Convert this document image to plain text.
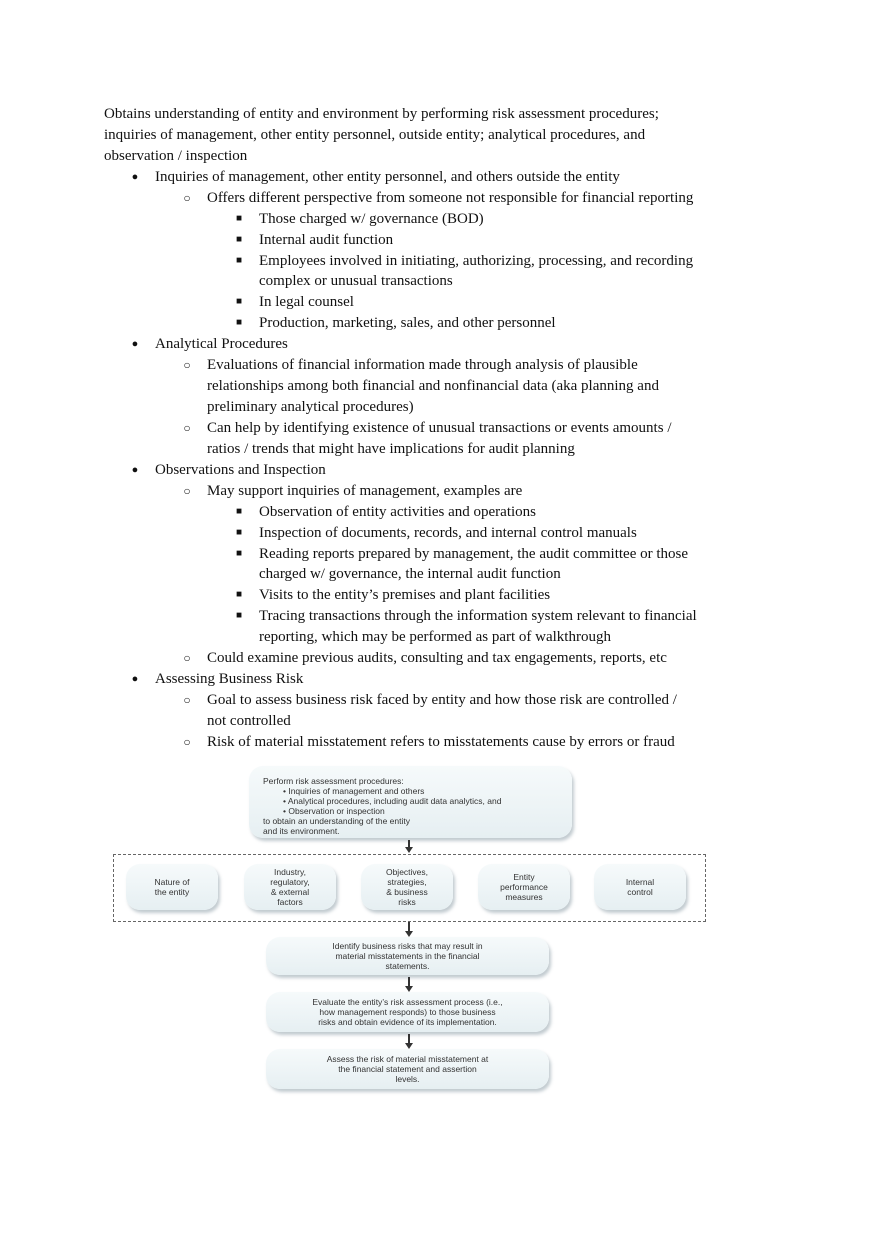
Obtains understanding of entity and environment by performing risk assessment procedures;
inquiries of management, other entity personnel, outside entity; analytical procedures, and
observation / inspection
●	Inquiries of management, other entity personnel, and others outside the entity
○ Offers different perspective from someone not responsible for financial reporting
■	Those charged w/ governance (BOD)
■	Internal audit function
■	Employees involved in initiating, authorizing, processing, and recording
complex or unusual transactions
■	In legal counsel
■	Production, marketing, sales, and other personnel
●	Analytical Procedures
○ Evaluations of financial information made through analysis of plausible
relationships among both financial and nonfinancial data (aka planning and
preliminary analytical procedures)
○ Can help by identifying existence of unusual transactions or events amounts /
ratios / trends that might have implications for audit planning
●	Observations and Inspection
○ May support inquiries of management, examples are
■	Observation of entity activities and operations
■	Inspection of documents, records, and internal control manuals
■	Reading reports prepared by management, the audit committee or those
charged w/ governance, the internal audit function
■	Visits to the entity’s premises and plant facilities
■	Tracing transactions through the information system relevant to financial
reporting, which may be performed as part of walkthrough
○ Could examine previous audits, consulting and tax engagements, reports, etc
●	Assessing Business Risk
○ Goal to assess business risk faced by entity and how those risk are controlled /
not controlled
○ Risk of material misstatement refers to misstatements cause by errors or fraud
Perform risk assessment procedures:
• Inquiries of management and others
• Analytical procedures, including audit data analytics, and
• Observation or inspection
to obtain an understanding of the entity
and its environment.
Nature of
the entity
Industry,
regulatory,
& external
factors
Objectives,
strategies,
& business
risks
Entity
performance
measures
Internal
control
Identify business risks that may result in
material misstatements in the financial
statements.
Evaluate the entity’s risk assessment process (i.e.,
how management responds) to those business
risks and obtain evidence of its implementation.
Assess the risk of material misstatement at
the financial statement and assertion
levels.
